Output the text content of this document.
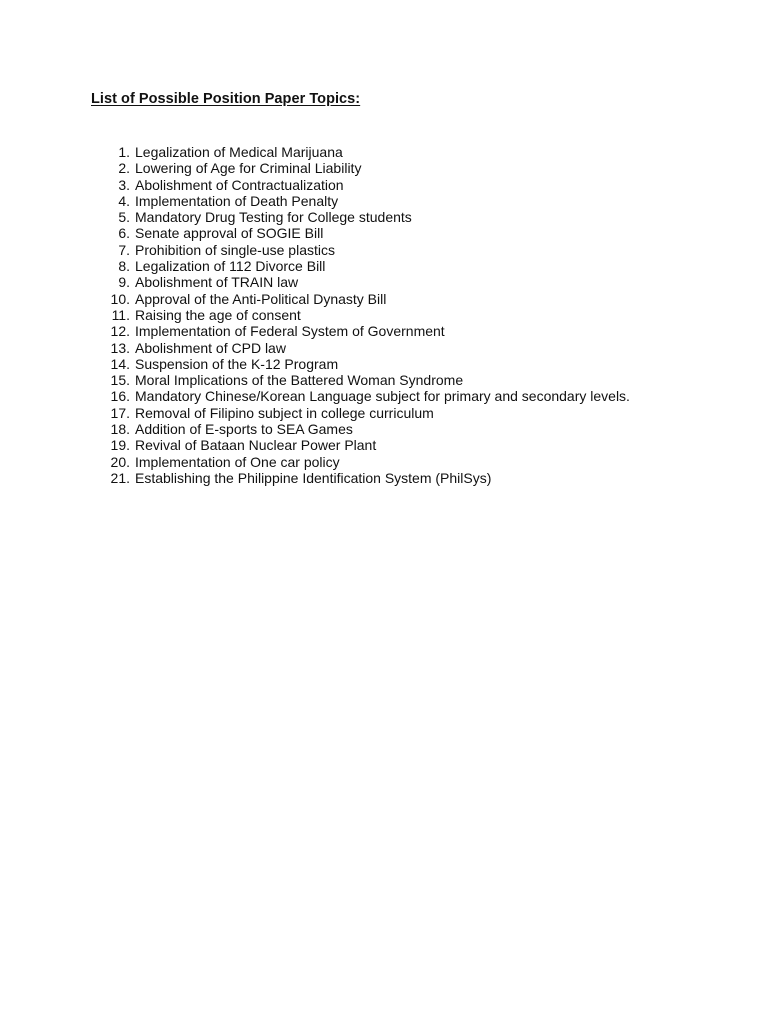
List of Possible Position Paper Topics:
1. Legalization of Medical Marijuana
2. Lowering of Age for Criminal Liability
3. Abolishment of Contractualization
4. Implementation of Death Penalty
5. Mandatory Drug Testing for College students
6. Senate approval of SOGIE Bill
7. Prohibition of single-use plastics
8. Legalization of 112 Divorce Bill
9. Abolishment of TRAIN law
10. Approval of the Anti-Political Dynasty Bill
11. Raising the age of consent
12. Implementation of Federal System of Government
13. Abolishment of CPD law
14. Suspension of the K-12 Program
15. Moral Implications of the Battered Woman Syndrome
16. Mandatory Chinese/Korean Language subject for primary and secondary levels.
17. Removal of Filipino subject in college curriculum
18. Addition of E-sports to SEA Games
19. Revival of Bataan Nuclear Power Plant
20. Implementation of One car policy
21. Establishing the Philippine Identification System (PhilSys)
